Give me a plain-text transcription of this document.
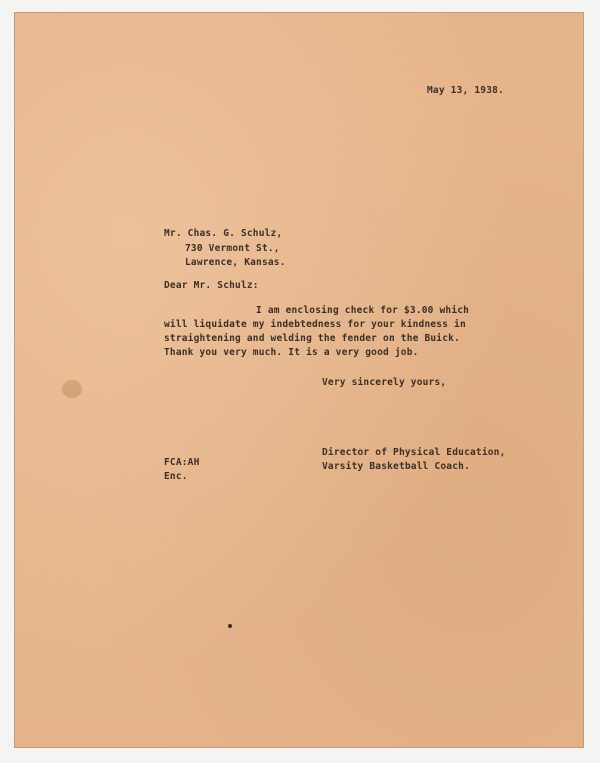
May 13, 1938.
Mr. Chas. G. Schulz,
730 Vermont St.,
Lawrence, Kansas.
Dear Mr. Schulz:
I am enclosing check for $3.00 which
will liquidate my indebtedness for your kindness in
straightening and welding the fender on the Buick.
Thank you very much. It is a very good job.
Very sincerely yours,
Director of Physical Education,
Varsity Basketball Coach.
FCA:AH
Enc.
